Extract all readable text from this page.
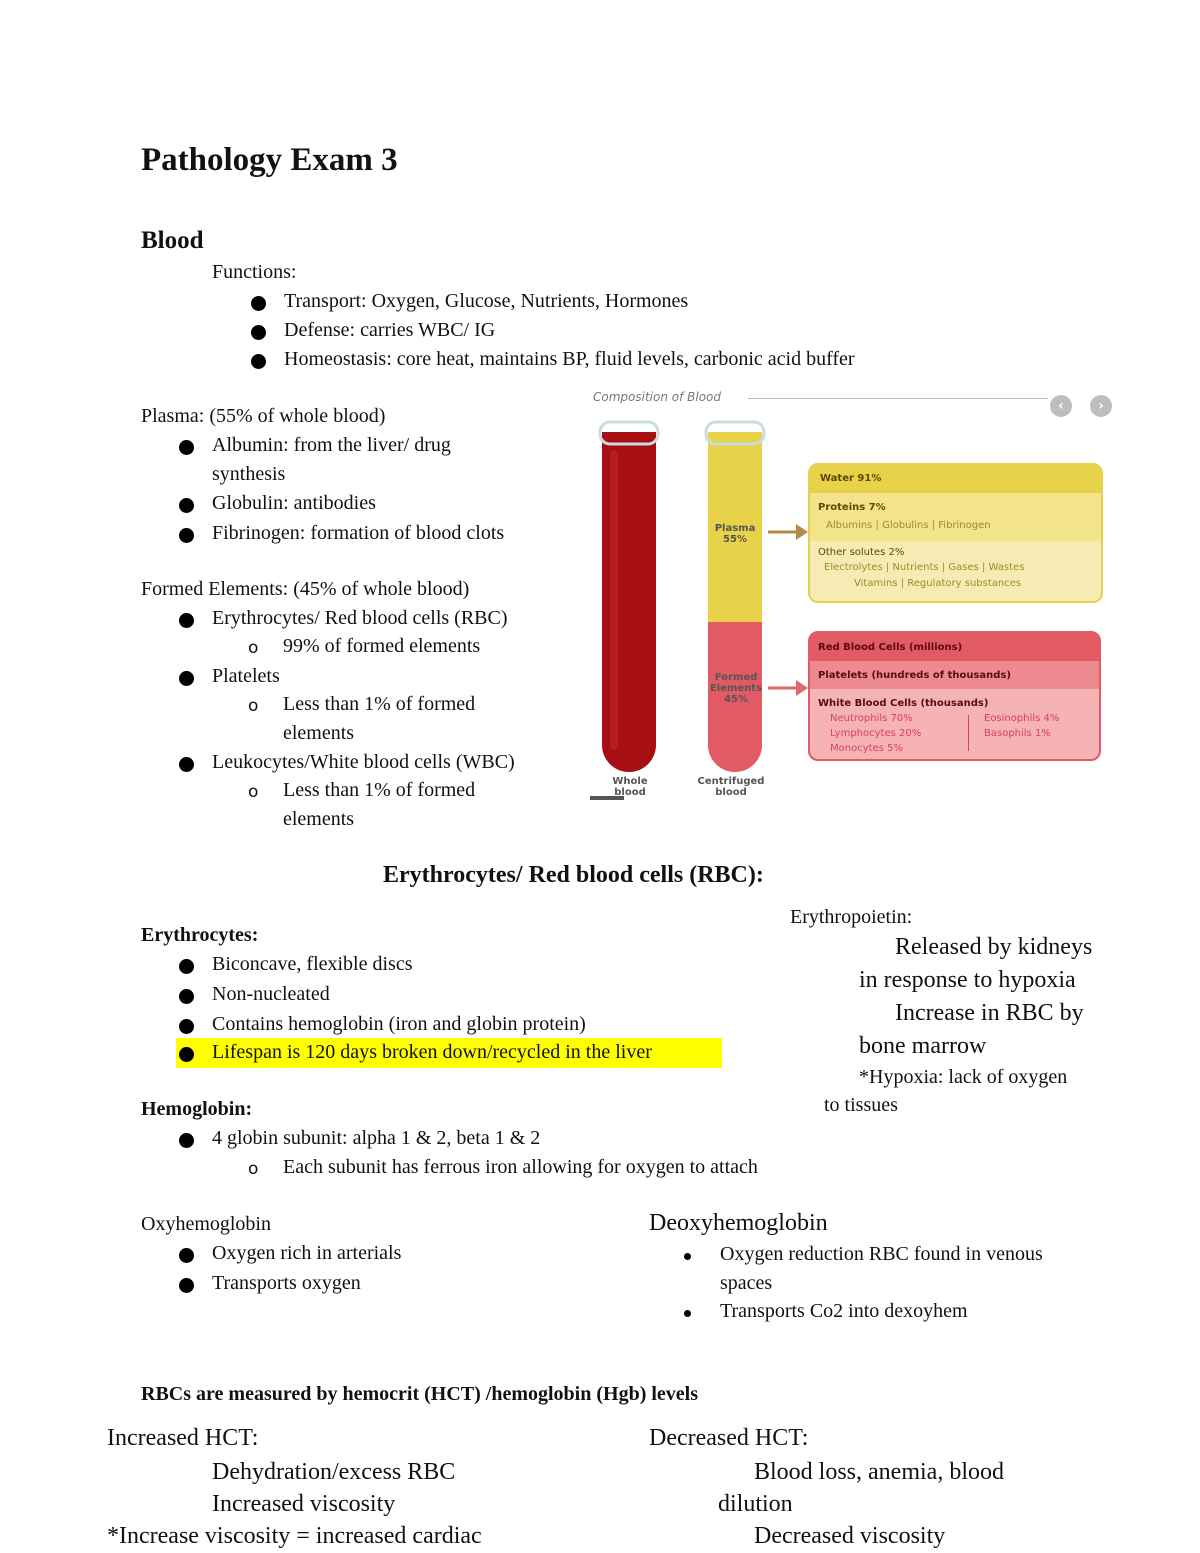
Pathology Exam 3
Blood
Functions:
Transport: Oxygen, Glucose, Nutrients, Hormones
Defense: carries WBC/ IG
Homeostasis: core heat, maintains BP, fluid levels, carbonic acid buffer
Plasma: (55% of whole blood)
Albumin: from the liver/ drug
synthesis
Globulin: antibodies
Fibrinogen: formation of blood clots
Formed Elements: (45% of whole blood)
Erythrocytes/ Red blood cells (RBC)
o 99% of formed elements
Platelets
o Less than 1% of formed
elements
Leukocytes/White blood cells (WBC)
o Less than 1% of formed
elements
Composition of Blood
‹	›
Plasma
55%
Formed
Elements
45%
Whole
blood
Centrifuged
blood
Water 91%
Proteins 7%
Albumins | Globulins | Fibrinogen
Other solutes 2%
Electrolytes | Nutrients | Gases | Wastes
Vitamins | Regulatory substances
Red Blood Cells (millions)
Platelets (hundreds of thousands)
White Blood Cells (thousands)
Neutrophils 70%
Lymphocytes 20%
Monocytes 5%
Eosinophils 4%
Basophils 1%
Erythrocytes/ Red blood cells (RBC):
Erythrocytes:
Biconcave, flexible discs
Non-nucleated
Contains hemoglobin (iron and globin protein)
Lifespan is 120 days broken down/recycled in the liver
Erythropoietin:
Released by kidneys
in response to hypoxia
Increase in RBC by
bone marrow
*Hypoxia: lack of oxygen
to tissues
Hemoglobin:
4 globin subunit: alpha 1 & 2, beta 1 & 2
o Each subunit has ferrous iron allowing for oxygen to attach
Oxyhemoglobin
Oxygen rich in arterials
Transports oxygen
Deoxyhemoglobin
Oxygen reduction RBC found in venous
spaces
Transports Co2 into dexoyhem
RBCs are measured by hemocrit (HCT) /hemoglobin (Hgb) levels
Increased HCT:
Dehydration/excess RBC
Increased viscosity
*Increase viscosity = increased cardiac
Decreased HCT:
Blood loss, anemia, blood
dilution
Decreased viscosity
